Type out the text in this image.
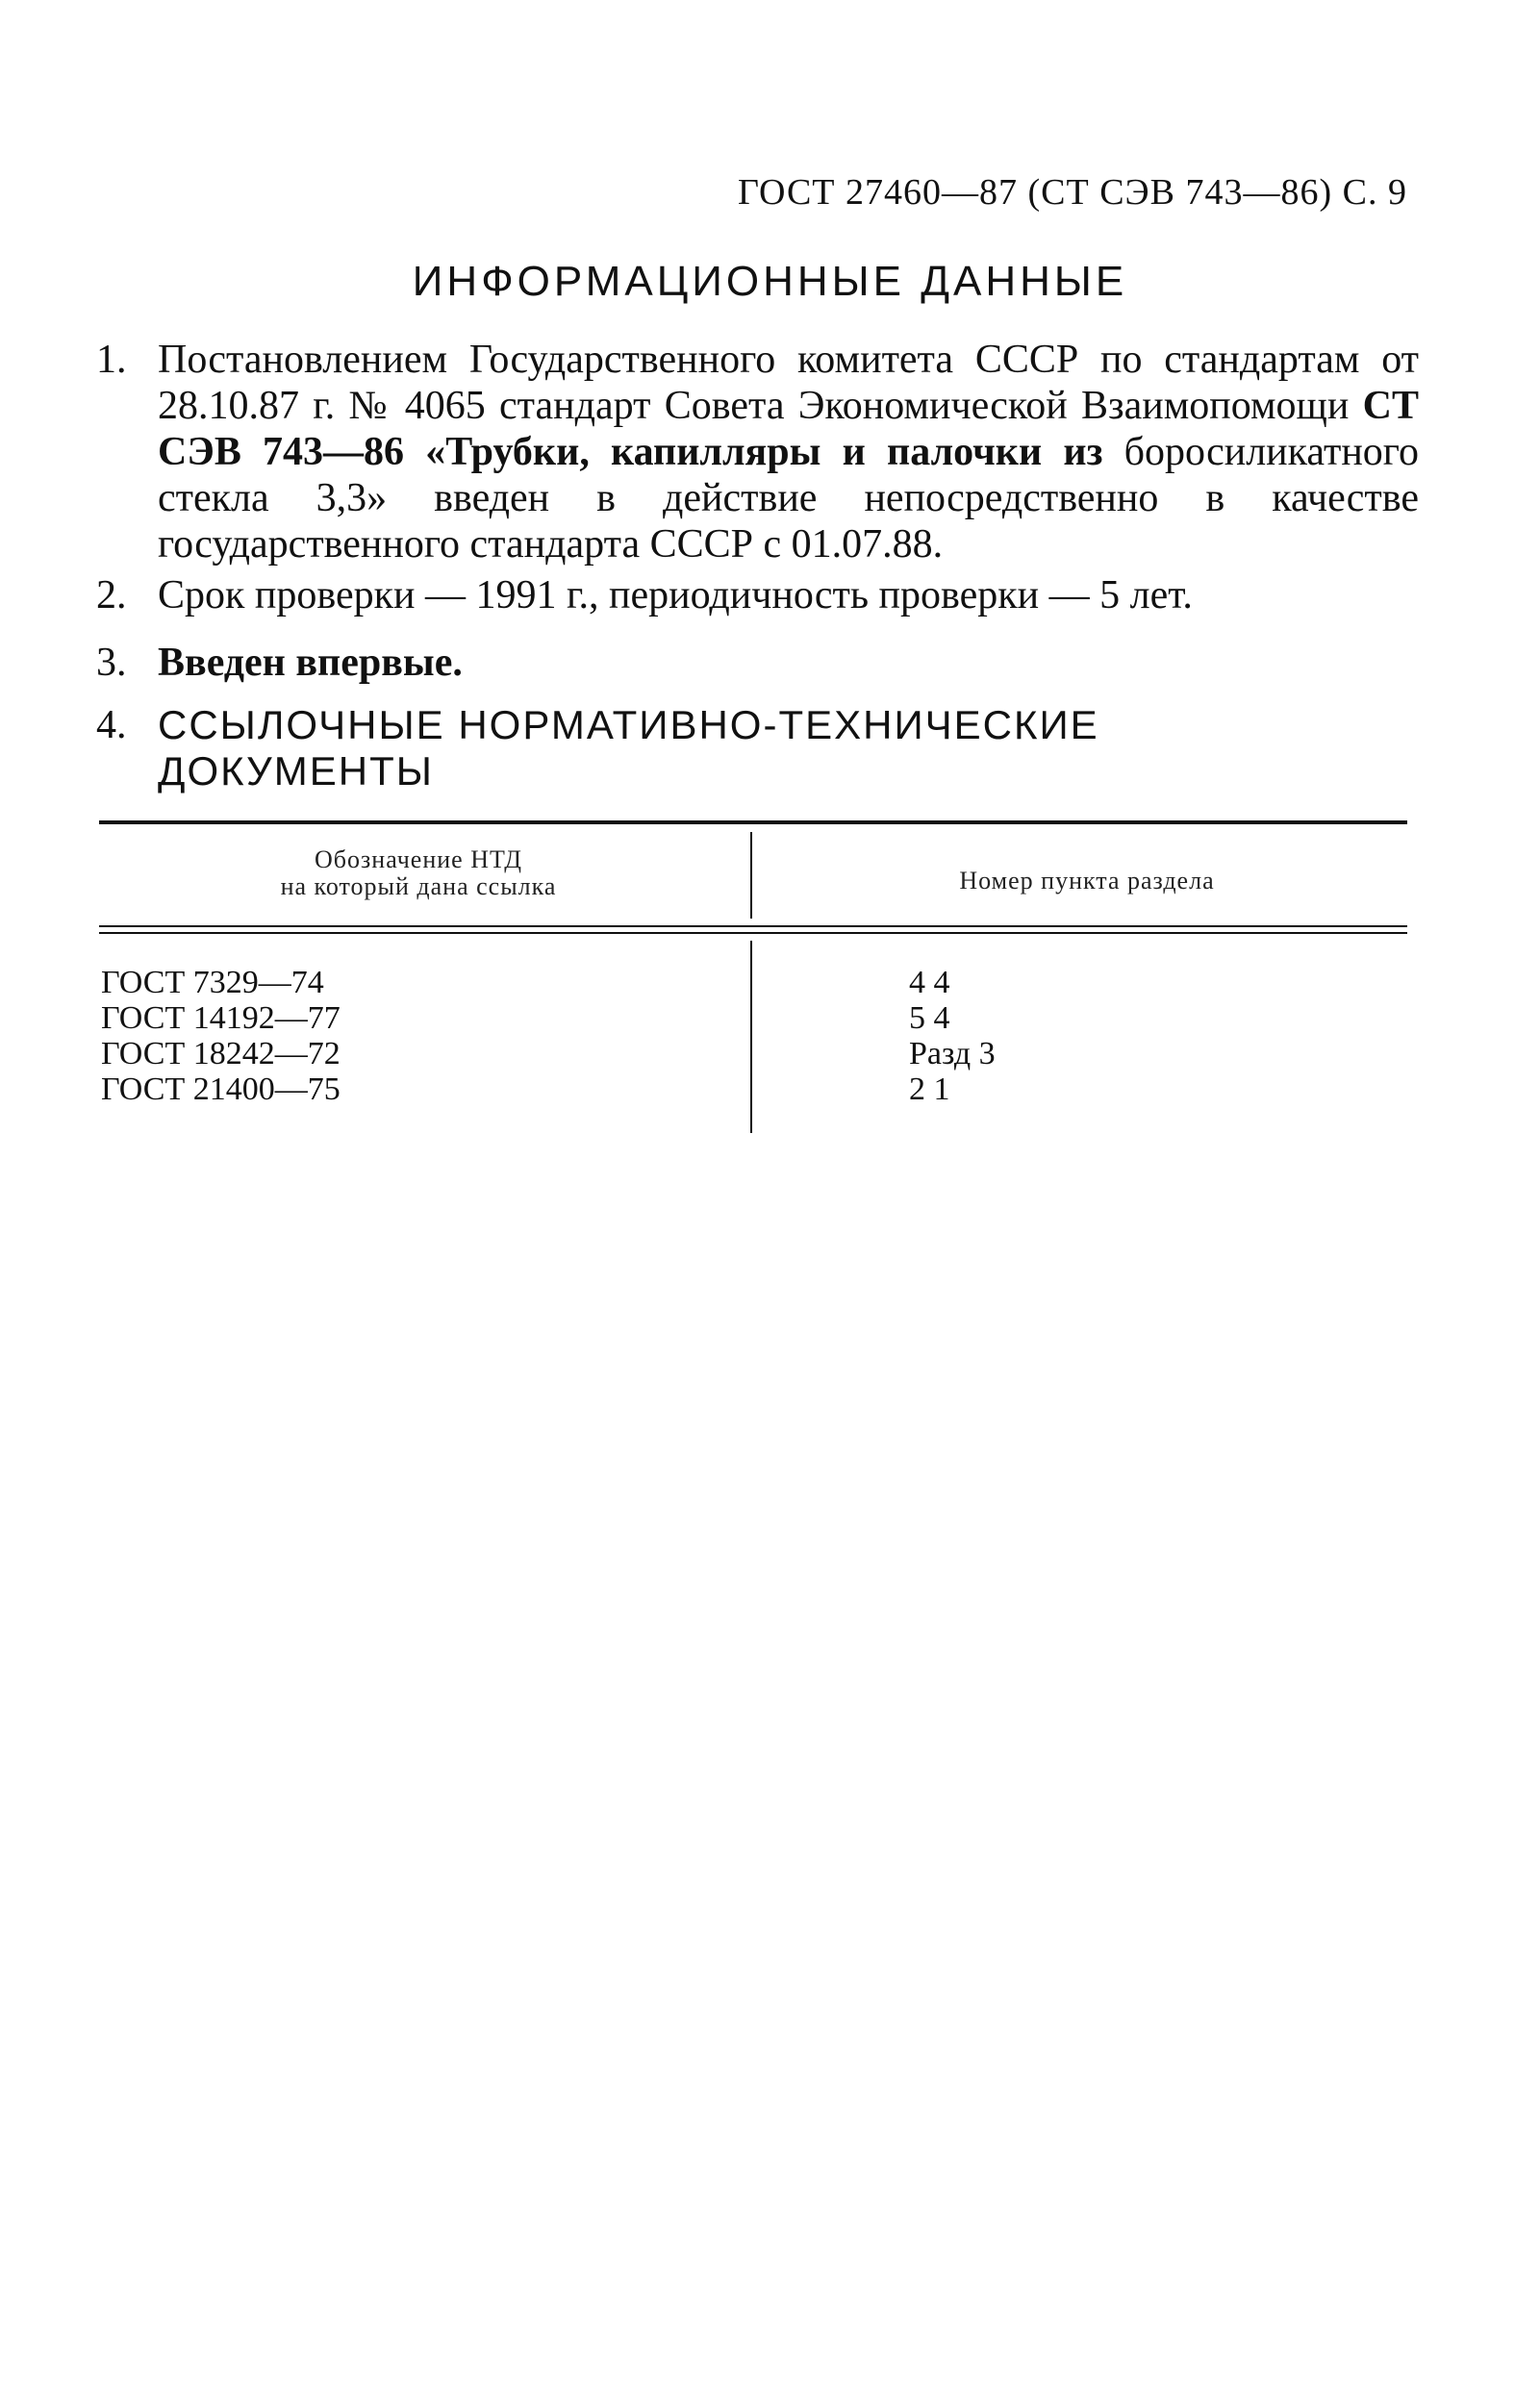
ГОСТ 27460—87 (СТ СЭВ 743—86) С. 9
ИНФОРМАЦИОННЫЕ ДАННЫЕ
1. Постановлением Государственного комитета СССР по стандартам от 28.10.87 г. № 4065 стандарт Совета Экономической Взаимопомощи СТ СЭВ 743—86 «Трубки, капилляры и палочки из боросиликатного стекла 3,3» введен в действие непосредственно в качестве государственного стандарта СССР с 01.07.88.
2. Срок проверки — 1991 г., периодичность проверки — 5 лет.
3. Введен впервые.
4. ССЫЛОЧНЫЕ НОРМАТИВНО-ТЕХНИЧЕСКИЕ ДОКУМЕНТЫ
Обозначение НТД
на который дана ссылка	Номер пункта раздела
ГОСТ 7329—74	4 4
ГОСТ 14192—77	5 4
ГОСТ 18242—72	Разд 3
ГОСТ 21400—75	2 1
